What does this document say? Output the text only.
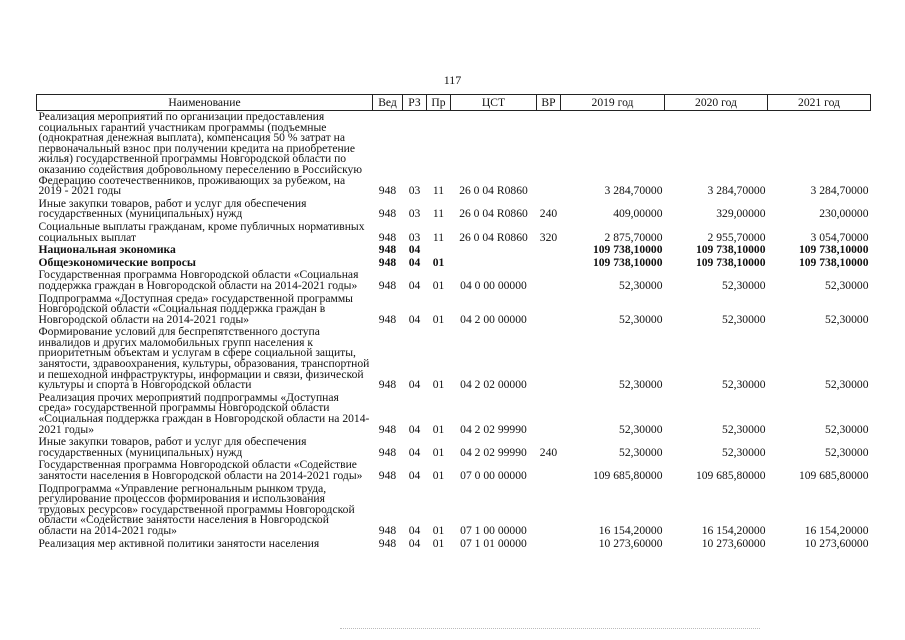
117
Наименование	Вед	РЗ	Пр	ЦСТ	ВР	2019 год	2020 год	2021 год
Реализация мероприятий по организации предоставления социальных гарантий участникам программы (подъемные (однократная денежная выплата), компенсация 50 % затрат на первоначальный взнос при получении кредита на приобретение жилья) государственной программы Новгородской области по оказанию содействия добровольному переселению в Российскую Федерацию соотечественников, проживающих за рубежом, на 2019 - 2021 годы	948	03	11	26 0 04 R0860		3 284,70000	3 284,70000	3 284,70000
Иные закупки товаров, работ и услуг для обеспечения государственных (муниципальных) нужд	948	03	11	26 0 04 R0860	240	409,00000	329,00000	230,00000
Социальные выплаты гражданам, кроме публичных нормативных социальных выплат	948	03	11	26 0 04 R0860	320	2 875,70000	2 955,70000	3 054,70000
Национальная экономика	948	04				109 738,10000	109 738,10000	109 738,10000
Общеэкономические вопросы	948	04	01			109 738,10000	109 738,10000	109 738,10000
Государственная программа Новгородской области «Социальная поддержка граждан в Новгородской области на 2014-2021 годы»	948	04	01	04 0 00 00000		52,30000	52,30000	52,30000
Подпрограмма «Доступная среда» государственной программы Новгородской области «Социальная поддержка граждан в Новгородской области на 2014-2021 годы»	948	04	01	04 2 00 00000		52,30000	52,30000	52,30000
Формирование условий для беспрепятственного доступа инвалидов и других маломобильных групп населения к приоритетным объектам и услугам в сфере социальной защиты, занятости, здравоохранения, культуры, образования, транспортной и пешеходной инфраструктуры, информации и связи, физической культуры и спорта в Новгородской области	948	04	01	04 2 02 00000		52,30000	52,30000	52,30000
Реализация прочих мероприятий подпрограммы «Доступная среда» государственной программы Новгородской области «Социальная поддержка граждан в Новгородской области на 2014-2021 годы»	948	04	01	04 2 02 99990		52,30000	52,30000	52,30000
Иные закупки товаров, работ и услуг для обеспечения государственных (муниципальных) нужд	948	04	01	04 2 02 99990	240	52,30000	52,30000	52,30000
Государственная программа Новгородской области «Содействие занятости населения в Новгородской области на 2014-2021 годы»	948	04	01	07 0 00 00000		109 685,80000	109 685,80000	109 685,80000
Подпрограмма «Управление регнональным рынком труда, регулирование процессов формирования и использования трудовых ресурсов» государственной программы Новгородской области «Содействие занятости населения в Новгородской области на 2014-2021 годы»	948	04	01	07 1 00 00000		16 154,20000	16 154,20000	16 154,20000
Реализация мер активной политики занятости населения	948	04	01	07 1 01 00000		10 273,60000	10 273,60000	10 273,60000
